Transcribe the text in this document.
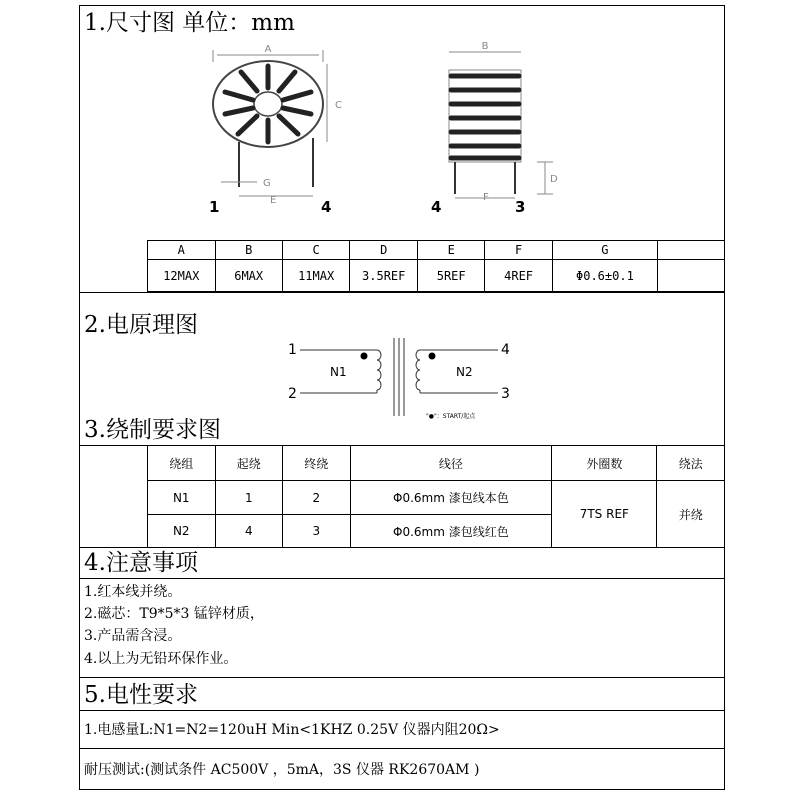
1.尺寸图 单位：mm
A
C
G
E
1	4
B
F
D
4	3
A	B	C	D	E	F	G	
12MAX	6MAX	11MAX	3.5REF	5REF	4REF	Φ0.6±0.1	
2.电原理图
1
2
N1	N2
4
3
"●"：START/起点
3.绕制要求图
绕组	起绕	终绕	线径	外圈数	绕法
N1	1	2	Φ0.6mm 漆包线本色	7TS REF	并绕
N2	4	3	Φ0.6mm 漆包线红色		
4.注意事项
1.红本线并绕。
2.磁芯：T9*5*3 锰锌材质，
3.产品需含浸。
4.以上为无铅环保作业。
5.电性要求
1.电感量L:N1=N2=120uH Min<1KHZ 0.25V 仪器内阻20Ω>
耐压测试:(测试条件 AC500V ，5mA，3S 仪器 RK2670AM )
